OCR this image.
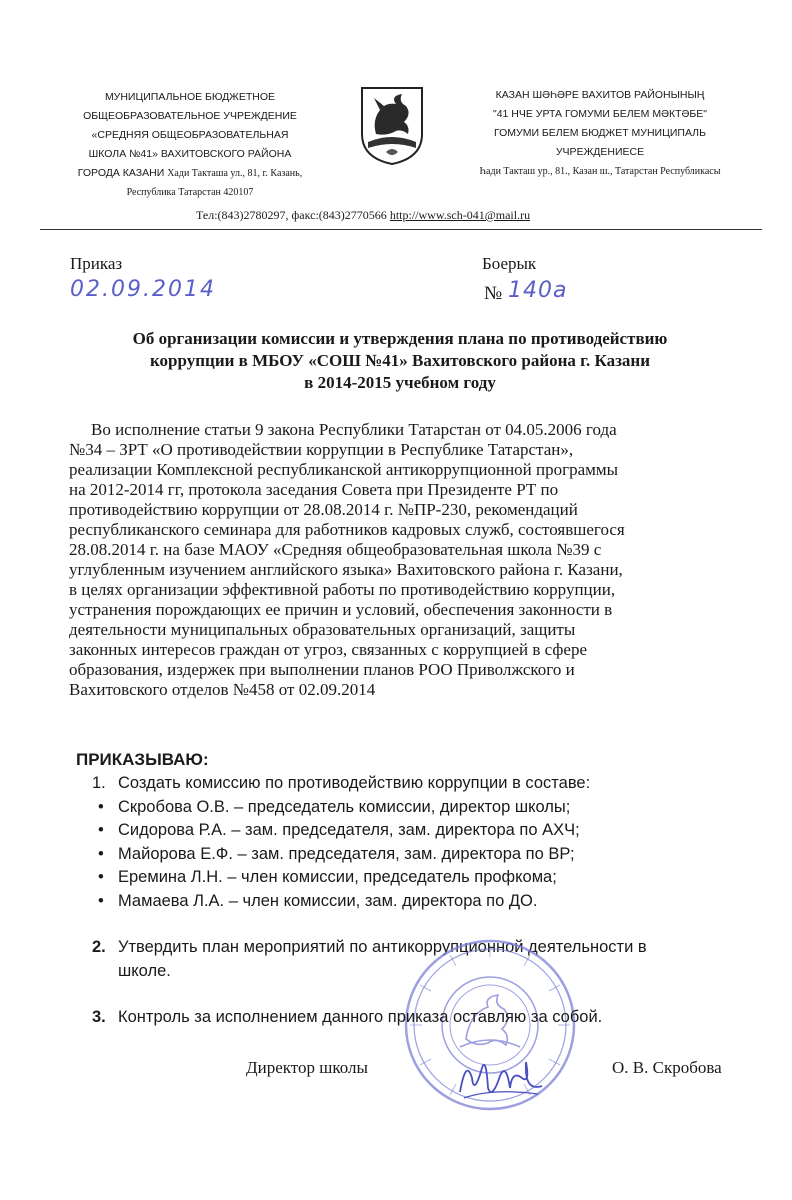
МУНИЦИПАЛЬНОЕ БЮДЖЕТНОЕ
ОБЩЕОБРАЗОВАТЕЛЬНОЕ УЧРЕЖДЕНИЕ
«СРЕДНЯЯ ОБЩЕОБРАЗОВАТЕЛЬНАЯ
ШКОЛА №41» ВАХИТОВСКОГО РАЙОНА
ГОРОДА КАЗАНИ Хади Такташа ул., 81, г. Казань,
Республика Татарстан 420107
КАЗАН ШӘҺӘРЕ ВАХИТОВ РАЙОНЫНЫҢ
"41 НЧЕ УРТА ГОМУМИ БЕЛЕМ МӘКТӘБЕ"
ГОМУМИ БЕЛЕМ БЮДЖЕТ МУНИЦИПАЛЬ
УЧРЕЖДЕНИЕСЕ
Һади Такташ ур., 81., Казан ш., Татарстан Республикасы
Тел:(843)2780297, факс:(843)2770566 http://www.sch-041@mail.ru
Приказ	Боерык
02.09.2014	№ 140а
Об организации комиссии и утверждения плана по противодействию
коррупции в МБОУ «СОШ №41» Вахитовского района г. Казани
в 2014-2015 учебном году
Во исполнение статьи 9 закона Республики Татарстан от 04.05.2006 года
№34 – ЗРТ «О противодействии коррупции в Республике Татарстан»,
реализации Комплексной республиканской антикоррупционной программы
на 2012-2014 гг, протокола заседания Совета при Президенте РТ по
противодействию коррупции от 28.08.2014 г. №ПР-230, рекомендаций
республиканского семинара для работников кадровых служб, состоявшегося
28.08.2014 г. на базе МАОУ «Средняя общеобразовательная школа №39 с
углубленным изучением английского языка» Вахитовского района г. Казани,
в целях организации эффективной работы по противодействию коррупции,
устранения порождающих ее причин и условий, обеспечения законности в
деятельности муниципальных образовательных организаций, защиты
законных интересов граждан от угроз, связанных с коррупцией в сфере
образования, издержек при выполнении планов РОО Приволжского и
Вахитовского отделов №458 от 02.09.2014
ПРИКАЗЫВАЮ:
1. Создать комиссию по противодействию коррупции в составе:
• Скробова О.В. – председатель комиссии, директор школы;
• Сидорова Р.А. – зам. председателя, зам. директора по АХЧ;
• Майорова Е.Ф. – зам. председателя, зам. директора по ВР;
• Еремина Л.Н. – член комиссии, председатель профкома;
• Мамаева Л.А. – член комиссии, зам. директора по ДО.
2. Утвердить план мероприятий по антикоррупционной деятельности в
школе.
3. Контроль за исполнением данного приказа оставляю за собой.
Директор школы	О. В. Скробова
